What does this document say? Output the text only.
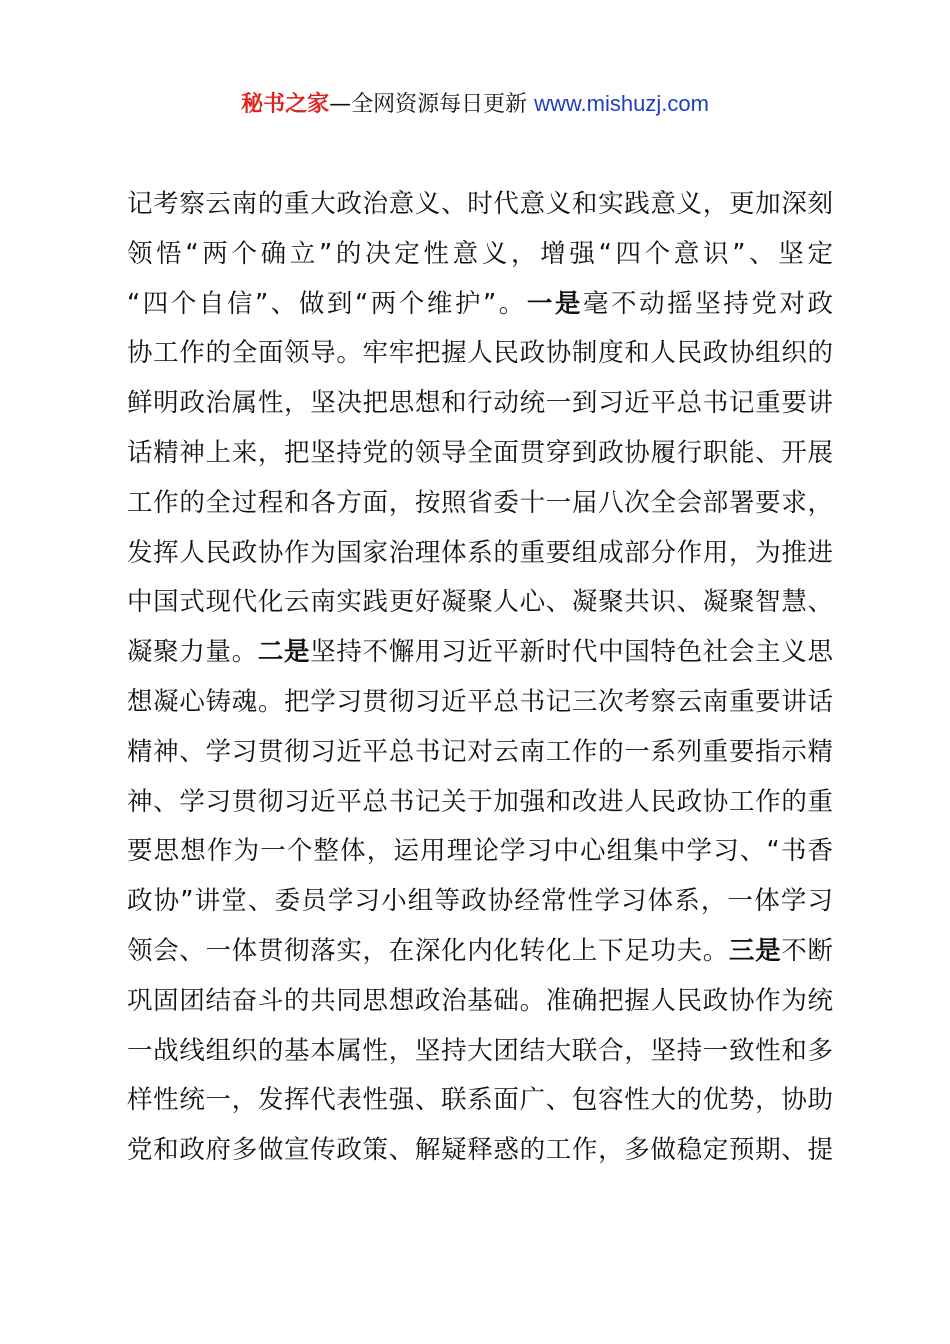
秘书之家—全网资源每日更新 www.mishuzj.com
记考察云南的重大政治意义、时代意义和实践意义，更加深刻
领悟“两个确立”的决定性意义，增强“四个意识”、坚定
“四个自信”、做到“两个维护”。一是毫不动摇坚持党对政
协工作的全面领导。牢牢把握人民政协制度和人民政协组织的
鲜明政治属性，坚决把思想和行动统一到习近平总书记重要讲
话精神上来，把坚持党的领导全面贯穿到政协履行职能、开展
工作的全过程和各方面，按照省委十一届八次全会部署要求，
发挥人民政协作为国家治理体系的重要组成部分作用，为推进
中国式现代化云南实践更好凝聚人心、凝聚共识、凝聚智慧、
凝聚力量。二是坚持不懈用习近平新时代中国特色社会主义思
想凝心铸魂。把学习贯彻习近平总书记三次考察云南重要讲话
精神、学习贯彻习近平总书记对云南工作的一系列重要指示精
神、学习贯彻习近平总书记关于加强和改进人民政协工作的重
要思想作为一个整体，运用理论学习中心组集中学习、“书香
政协”讲堂、委员学习小组等政协经常性学习体系，一体学习
领会、一体贯彻落实，在深化内化转化上下足功夫。三是不断
巩固团结奋斗的共同思想政治基础。准确把握人民政协作为统
一战线组织的基本属性，坚持大团结大联合，坚持一致性和多
样性统一，发挥代表性强、联系面广、包容性大的优势，协助
党和政府多做宣传政策、解疑释惑的工作，多做稳定预期、提
